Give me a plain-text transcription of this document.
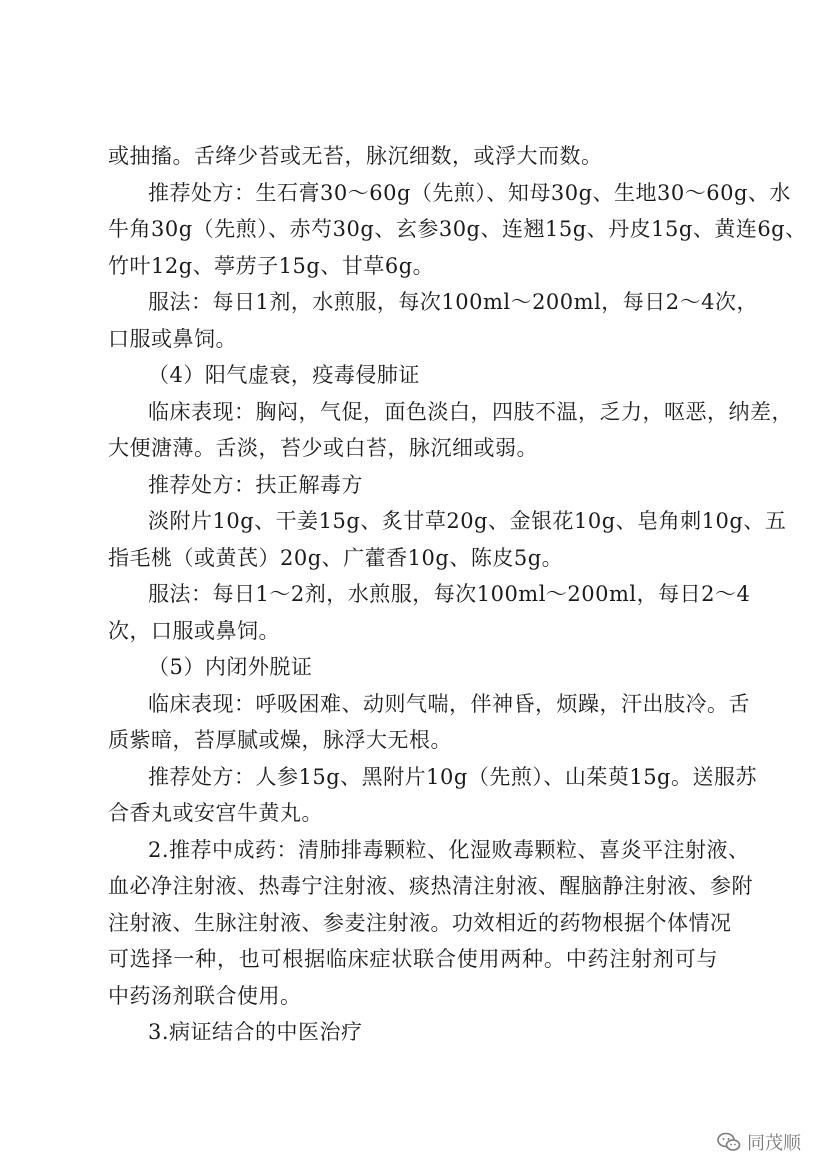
或抽搐。舌绛少苔或无苔，脉沉细数，或浮大而数。
推荐处方：生石膏30～60g（先煎）、知母30g、生地30～60g、水
牛角30g（先煎）、赤芍30g、玄参30g、连翘15g、丹皮15g、黄连6g、
竹叶12g、葶苈子15g、甘草6g。
服法：每日1剂，水煎服，每次100ml～200ml，每日2～4次，
口服或鼻饲。
（4）阳气虚衰，疫毒侵肺证
临床表现：胸闷，气促，面色淡白，四肢不温，乏力，呕恶，纳差，
大便溏薄。舌淡，苔少或白苔，脉沉细或弱。
推荐处方：扶正解毒方
淡附片10g、干姜15g、炙甘草20g、金银花10g、皂角刺10g、五
指毛桃（或黄芪）20g、广藿香10g、陈皮5g。
服法：每日1～2剂，水煎服，每次100ml～200ml，每日2～4
次，口服或鼻饲。
（5）内闭外脱证
临床表现：呼吸困难、动则气喘，伴神昏，烦躁，汗出肢冷。舌
质紫暗，苔厚腻或燥，脉浮大无根。
推荐处方：人参15g、黑附片10g（先煎）、山茱萸15g。送服苏
合香丸或安宫牛黄丸。
2.推荐中成药：清肺排毒颗粒、化湿败毒颗粒、喜炎平注射液、
血必净注射液、热毒宁注射液、痰热清注射液、醒脑静注射液、参附
注射液、生脉注射液、参麦注射液。功效相近的药物根据个体情况
可选择一种，也可根据临床症状联合使用两种。中药注射剂可与
中药汤剂联合使用。
3.病证结合的中医治疗
同茂顺
